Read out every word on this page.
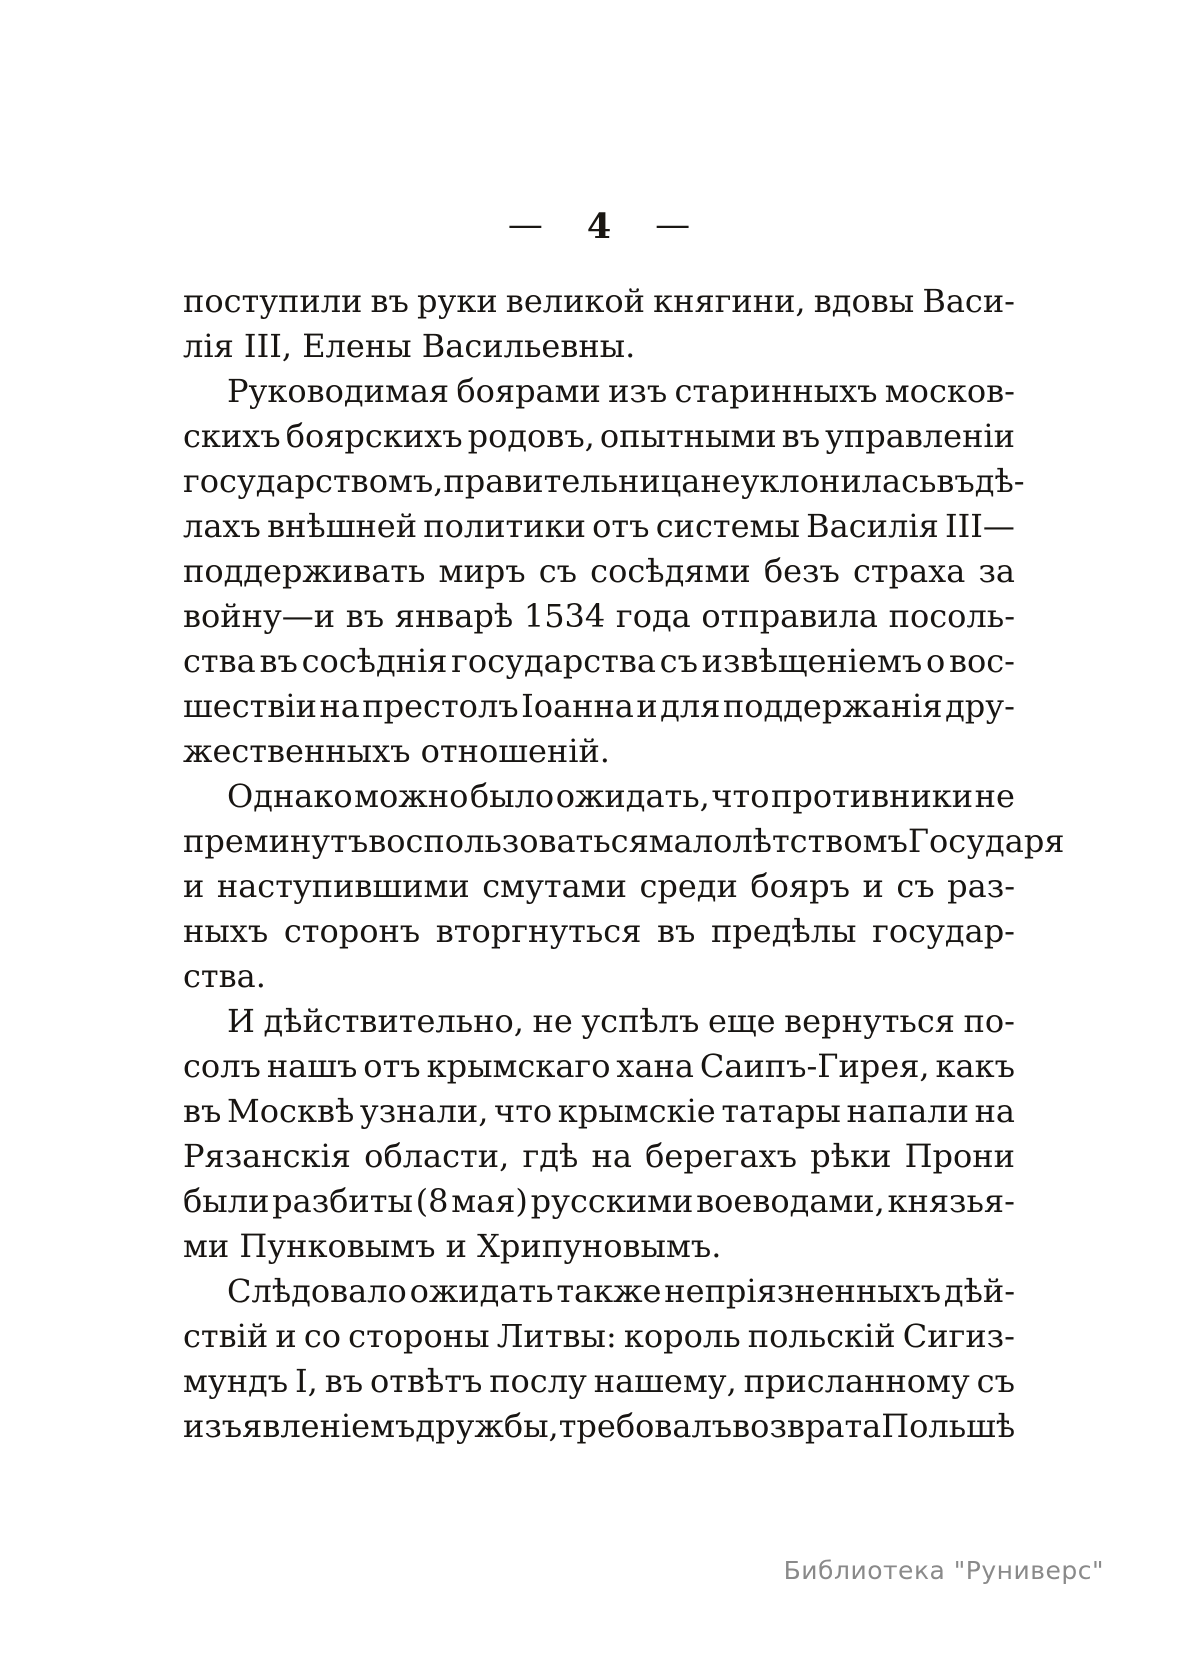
— 4 —
поступили въ руки великой княгини, вдовы Васи-
лія III, Елены Васильевны.
Руководимая боярами изъ старинныхъ москов-
скихъ боярскихъ родовъ, опытными въ управленіи
государствомъ, правительница не уклонилась въ дѣ-
лахъ внѣшней политики отъ системы Василія III—
поддерживать миръ съ сосѣдями безъ страха за
войну—и въ январѣ 1534 года отправила посоль-
ства въ сосѣднія государства съ извѣщеніемъ о вос-
шествіи на престолъ Іоанна и для поддержанія дру-
жественныхъ отношеній.
Однако можно было ожидать, что противники не
преминутъ воспользоваться малолѣтствомъ Государя
и наступившими смутами среди бояръ и съ раз-
ныхъ сторонъ вторгнуться въ предѣлы государ-
ства.
И дѣйствительно, не успѣлъ еще вернуться по-
солъ нашъ отъ крымскаго хана Саипъ-Гирея, какъ
въ Москвѣ узнали, что крымскіе татары напали на
Рязанскія области, гдѣ на берегахъ рѣки Прони
были разбиты (8 мая) русскими воеводами, князья-
ми Пунковымъ и Хрипуновымъ.
Слѣдовало ожидать также непріязненныхъ дѣй-
ствій и со стороны Литвы: король польскій Сигиз-
мундъ I, въ отвѣтъ послу нашему, присланному съ
изъявленіемъ дружбы, требовалъ возврата Польшѣ
Библиотека "Руниверс"
